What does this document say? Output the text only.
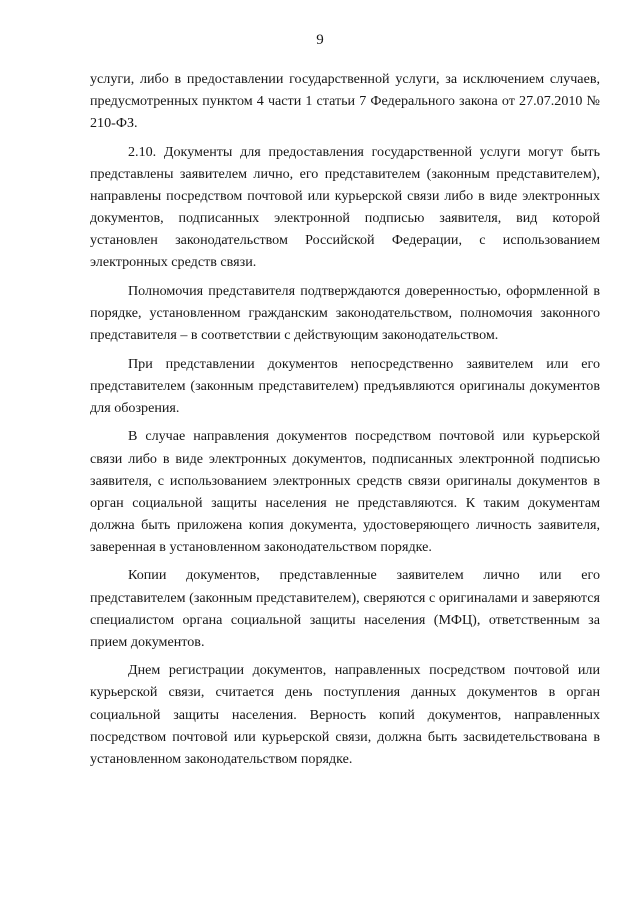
9

услуги, либо в предоставлении государственной услуги, за исключением случаев, предусмотренных пунктом 4 части 1 статьи 7 Федерального закона от 27.07.2010 № 210-ФЗ.

2.10. Документы для предоставления государственной услуги могут быть представлены заявителем лично, его представителем (законным представителем), направлены посредством почтовой или курьерской связи либо в виде электронных документов, подписанных электронной подписью заявителя, вид которой установлен законодательством Российской Федерации, с использованием электронных средств связи.

Полномочия представителя подтверждаются доверенностью, оформленной в порядке, установленном гражданским законодательством, полномочия законного представителя – в соответствии с действующим законодательством.

При представлении документов непосредственно заявителем или его представителем (законным представителем) предъявляются оригиналы документов для обозрения.

В случае направления документов посредством почтовой или курьерской связи либо в виде электронных документов, подписанных электронной подписью заявителя, с использованием электронных средств связи оригиналы документов в орган социальной защиты населения не представляются. К таким документам должна быть приложена копия документа, удостоверяющего личность заявителя, заверенная в установленном законодательством порядке.

Копии документов, представленные заявителем лично или его представителем (законным представителем), сверяются с оригиналами и заверяются специалистом органа социальной защиты населения (МФЦ), ответственным за прием документов.

Днем регистрации документов, направленных посредством почтовой или курьерской связи, считается день поступления данных документов в орган социальной защиты населения. Верность копий документов, направленных посредством почтовой или курьерской связи, должна быть засвидетельствована в установленном законодательством порядке.
